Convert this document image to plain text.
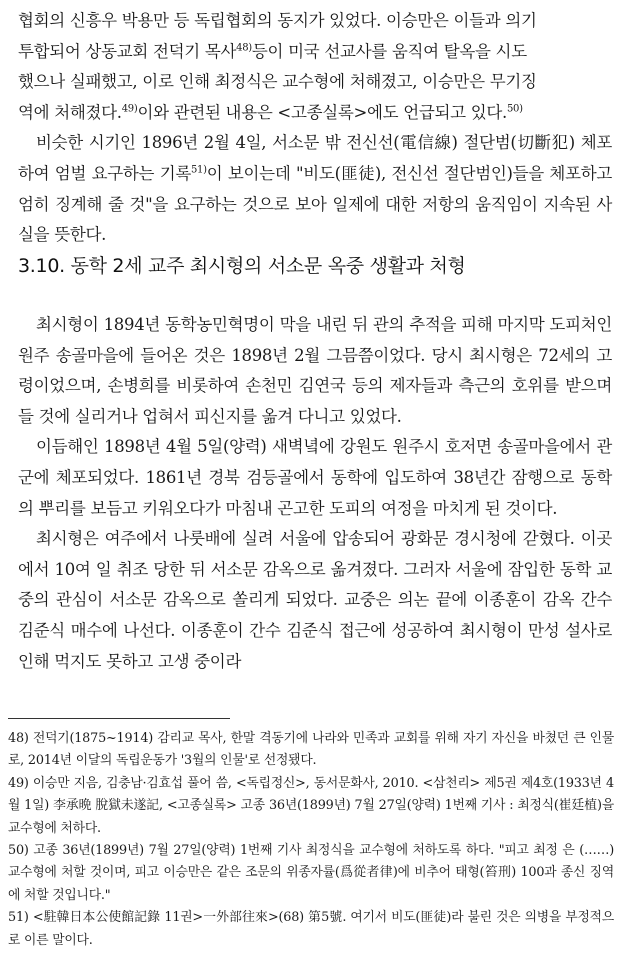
협회의 신흥우 박용만 등 독립협회의 동지가 있었다. 이승만은 이들과 의기

투합되어 상동교회 전덕기 목사$^{48)}$등이 미국 선교사를 움직여 탈옥을 시도

했으나 실패했고, 이로 인해 최정식은 교수형에 처해졌고, 이승만은 무기징

역에 처해졌다.$^{49)}$이와 관련된 내용은 <고종실록>에도 언급되고 있다.$^{50)}$

비슷한 시기인 1896년 2월 4일, 서소문 밖 전신선(電信線) 절단범(切斷犯) 체포하여 엄벌 요구하는 기록$^{51)}$이 보이는데 "비도(匪徒), 전신선 절단범인)들을 체포하고 엄히 징계해 줄 것"을 요구하는 것으로 보아 일제에 대한 저항의 움직임이 지속된 사실을 뜻한다.

3.10. 동학 2세 교주 최시형의 서소문 옥중 생활과 처형

최시형이 1894년 동학농민혁명이 막을 내린 뒤 관의 추적을 피해 마지막 도피처인 원주 송골마을에 들어온 것은 1898년 2월 그믐쯤이었다. 당시 최시형은 72세의 고령이었으며, 손병희를 비롯하여 손천민 김연국 등의 제자들과 측근의 호위를 받으며 들 것에 실리거나 업혀서 피신지를 옮겨 다니고 있었다.

이듬해인 1898년 4월 5일(양력) 새벽녘에 강원도 원주시 호저면 송골마을에서 관군에 체포되었다. 1861년 경북 검등골에서 동학에 입도하여 38년간 잠행으로 동학의 뿌리를 보듬고 키워오다가 마침내 곤고한 도피의 여정을 마치게 된 것이다.

최시형은 여주에서 나룻배에 실려 서울에 압송되어 광화문 경시청에 갇혔다. 이곳에서 10여 일 취조 당한 뒤 서소문 감옥으로 옮겨졌다. 그러자 서울에 잠입한 동학 교중의 관심이 서소문 감옥으로 쏠리게 되었다. 교중은 의논 끝에 이종훈이 감옥 간수 김준식 매수에 나선다. 이종훈이 간수 김준식 접근에 성공하여 최시형이 만성 설사로 인해 먹지도 못하고 고생 중이라

48) 전덕기(1875~1914) 감리교 목사, 한말 격동기에 나라와 민족과 교회를 위해 자기 자신을 바쳤던 큰 인물로, 2014년 이달의 독립운동가 '3월의 인물'로 선정됐다.

49) 이승만 지음, 김충남·김효섭 풀어 씀, <독립정신>, 동서문화사, 2010. <삼천리> 제5권 제4호(1933년 4월 1일) 李承晩 脫獄未遂記, <고종실록> 고종 36년(1899년) 7월 27일(양력) 1번째 기사 : 최정식(崔廷植)을 교수형에 처하다.

50) 고종 36년(1899년) 7월 27일(양력) 1번째 기사 최정식을 교수형에 처하도록 하다. "피고 최정 은 (……)교수형에 처할 것이며, 피고 이승만은 같은 조문의 위종자률(爲從者律)에 비추어 태형(笞刑) 100과 종신 징역에 처할 것입니다."

51) <駐韓日本公使館記錄 11권>一外部往來>(68) 第5號. 여기서 비도(匪徒)라 불린 것은 의병을 부정적으로 이른 말이다.
